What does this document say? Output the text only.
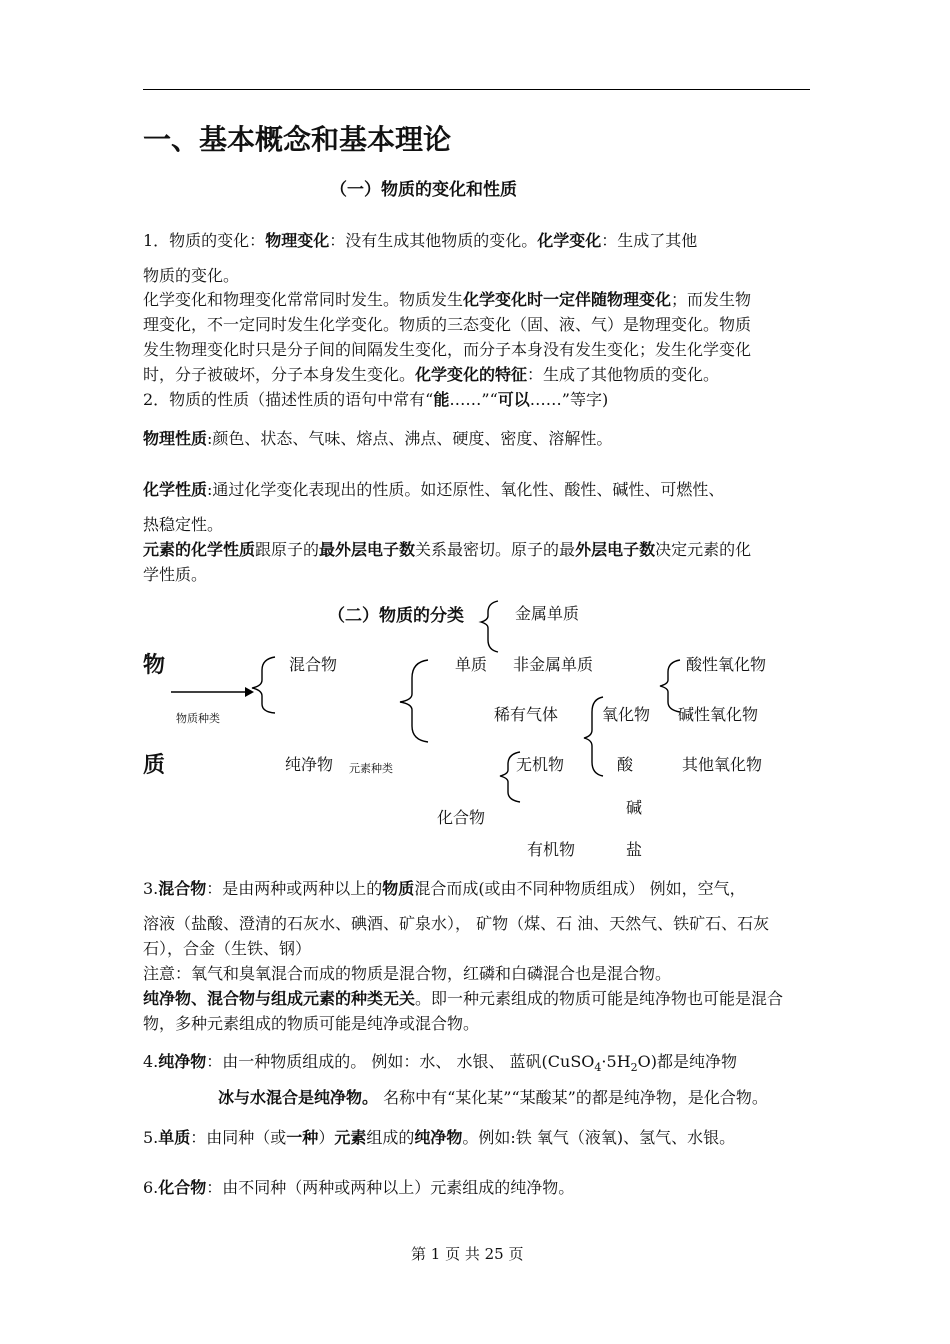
一、基本概念和基本理论
（一）物质的变化和性质
1．物质的变化：物理变化：没有生成其他物质的变化。化学变化：生成了其他
物质的变化。
化学变化和物理变化常常同时发生。物质发生化学变化时一定伴随物理变化；而发生物
理变化，不一定同时发生化学变化。物质的三态变化（固、液、气）是物理变化。物质
发生物理变化时只是分子间的间隔发生变化，而分子本身没有发生变化；发生化学变化
时，分子被破坏，分子本身发生变化。化学变化的特征：生成了其他物质的变化。
2．物质的性质（描述性质的语句中常有“能……”“可以……”等字)
物理性质:颜色、状态、气味、熔点、沸点、硬度、密度、溶解性。
化学性质:通过化学变化表现出的性质。如还原性、氧化性、酸性、碱性、可燃性、
热稳定性。
元素的化学性质跟原子的最外层电子数关系最密切。原子的最外层电子数决定元素的化
学性质。
（二）物质的分类
物
质
物质种类
混合物
纯净物 元素种类
单质
金属单质
非金属单质
稀有气体
化合物
无机物
有机物
氧化物
酸
碱
盐
酸性氧化物
碱性氧化物
其他氧化物
3.混合物：是由两种或两种以上的物质混合而成(或由不同种物质组成） 例如，空气，
溶液（盐酸、澄清的石灰水、碘酒、矿泉水）， 矿物（煤、石 油、天然气、铁矿石、石灰
石），合金（生铁、钢）
注意：氧气和臭氧混合而成的物质是混合物，红磷和白磷混合也是混合物。
纯净物、混合物与组成元素的种类无关。即一种元素组成的物质可能是纯净物也可能是混合
物，多种元素组成的物质可能是纯净或混合物。
4.纯净物：由一种物质组成的。 例如：水、 水银、 蓝矾$(CuSO_4\cdot 5H_2O)$都是纯净物
冰与水混合是纯净物。 名称中有“某化某”“某酸某”的都是纯净物，是化合物。
5.单质：由同种（或一种）元素组成的纯净物。例如:铁 氧气（液氧)、氢气、水银。
6.化合物：由不同种（两种或两种以上）元素组成的纯净物。
第 1 页 共 25 页
